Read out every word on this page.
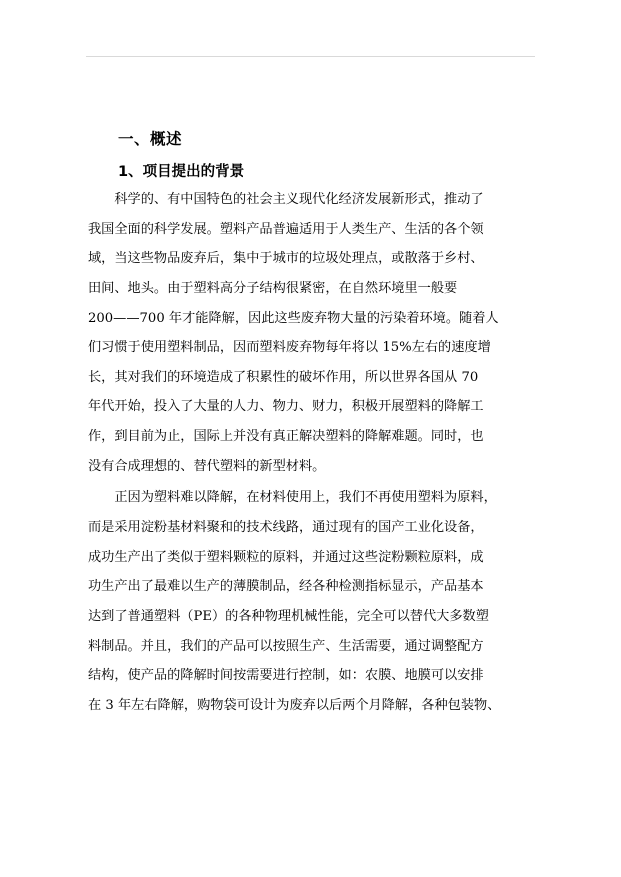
一、概述
1、项目提出的背景
　　科学的、有中国特色的社会主义现代化经济发展新形式，推动了
我国全面的科学发展。塑料产品普遍适用于人类生产、生活的各个领
域，当这些物品废弃后，集中于城市的垃圾处理点，或散落于乡村、
田间、地头。由于塑料高分子结构很紧密，在自然环境里一般要
200——700 年才能降解，因此这些废弃物大量的污染着环境。随着人
们习惯于使用塑料制品，因而塑料废弃物每年将以 15%左右的速度增
长，其对我们的环境造成了积累性的破坏作用，所以世界各国从 70
年代开始，投入了大量的人力、物力、财力，积极开展塑料的降解工
作，到目前为止，国际上并没有真正解决塑料的降解难题。同时，也
没有合成理想的、替代塑料的新型材料。
　　正因为塑料难以降解，在材料使用上，我们不再使用塑料为原料，
而是采用淀粉基材料聚和的技术线路，通过现有的国产工业化设备，
成功生产出了类似于塑料颗粒的原料，并通过这些淀粉颗粒原料，成
功生产出了最难以生产的薄膜制品，经各种检测指标显示，产品基本
达到了普通塑料（PE）的各种物理机械性能，完全可以替代大多数塑
料制品。并且，我们的产品可以按照生产、生活需要，通过调整配方
结构，使产品的降解时间按需要进行控制，如：农膜、地膜可以安排
在 3 年左右降解，购物袋可设计为废弃以后两个月降解，各种包装物、
